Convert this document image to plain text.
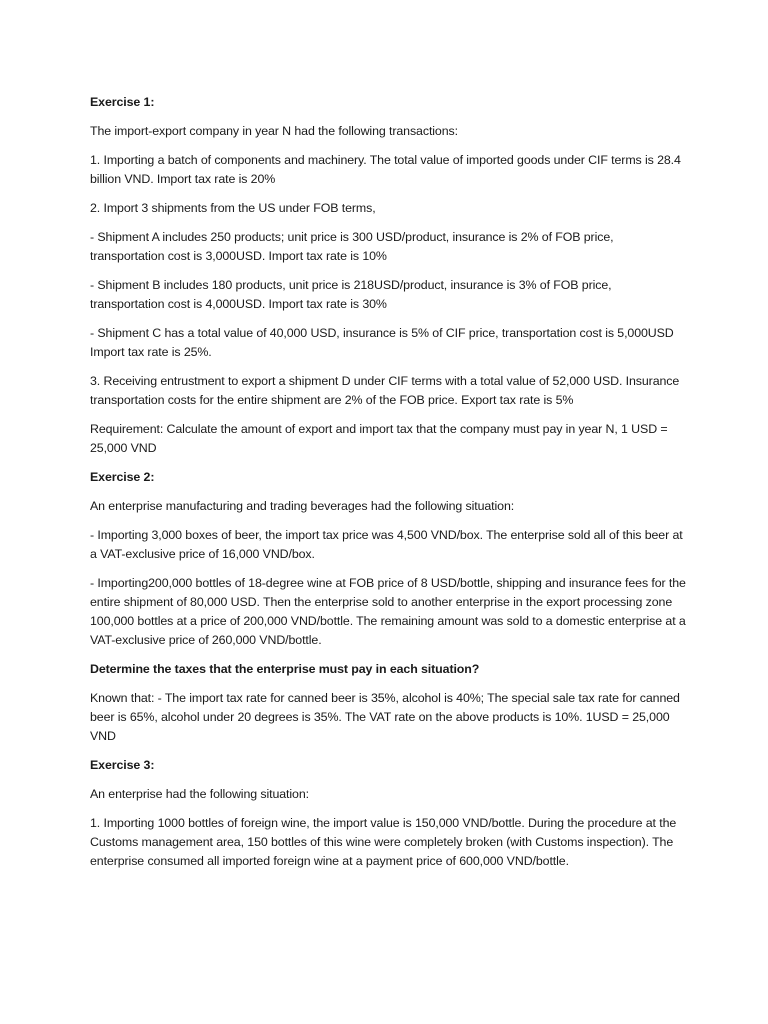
Exercise 1:

The import-export company in year N had the following transactions:

1. Importing a batch of components and machinery. The total value of imported goods under CIF terms is 28.4 billion VND. Import tax rate is 20%

2. Import 3 shipments from the US under FOB terms,

- Shipment A includes 250 products; unit price is 300 USD/product, insurance is 2% of FOB price, transportation cost is 3,000USD. Import tax rate is 10%

- Shipment B includes 180 products, unit price is 218USD/product, insurance is 3% of FOB price, transportation cost is 4,000USD. Import tax rate is 30%

- Shipment C has a total value of 40,000 USD, insurance is 5% of CIF price, transportation cost is 5,000USD Import tax rate is 25%.

3. Receiving entrustment to export a shipment D under CIF terms with a total value of 52,000 USD. Insurance transportation costs for the entire shipment are 2% of the FOB price. Export tax rate is 5%

Requirement: Calculate the amount of export and import tax that the company must pay in year N, 1 USD = 25,000 VND

Exercise 2:

An enterprise manufacturing and trading beverages had the following situation:

- Importing 3,000 boxes of beer, the import tax price was 4,500 VND/box. The enterprise sold all of this beer at a VAT-exclusive price of 16,000 VND/box.

- Importing200,000 bottles of 18-degree wine at FOB price of 8 USD/bottle, shipping and insurance fees for the entire shipment of 80,000 USD. Then the enterprise sold to another enterprise in the export processing zone 100,000 bottles at a price of 200,000 VND/bottle. The remaining amount was sold to a domestic enterprise at a VAT-exclusive price of 260,000 VND/bottle.

Determine the taxes that the enterprise must pay in each situation?

Known that: - The import tax rate for canned beer is 35%, alcohol is 40%; The special sale tax rate for canned beer is 65%, alcohol under 20 degrees is 35%. The VAT rate on the above products is 10%. 1USD = 25,000 VND

Exercise 3:

An enterprise had the following situation:

1. Importing 1000 bottles of foreign wine, the import value is 150,000 VND/bottle. During the procedure at the Customs management area, 150 bottles of this wine were completely broken (with Customs inspection). The enterprise consumed all imported foreign wine at a payment price of 600,000 VND/bottle.
